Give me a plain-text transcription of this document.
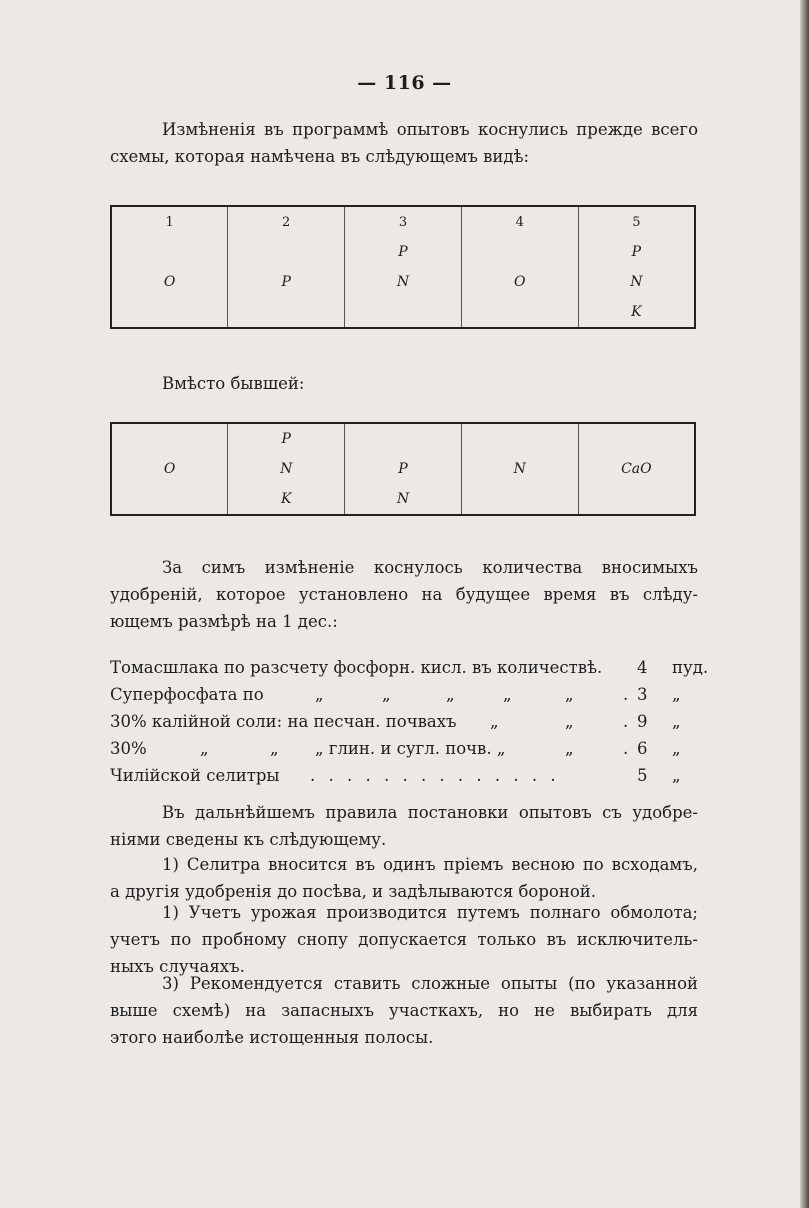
— 116 —

Измѣненія въ программѣ опытовъ коснулись прежде всего
схемы, которая намѣчена въ слѣдующемъ видѣ:

1	2	3	4	5
		P		P
O	P	N	O	N
				K

Вмѣсто бывшей:

	P			
O	N	P	N	CaO
	K	N		

За симъ измѣненіе коснулось количества вносимыхъ
удобреній, которое установлено на будущее время въ слѣду-
ющемъ размѣрѣ на 1 дес.:

Томасшлака по разсчету фосфорн. кисл. въ количествѣ. 4 пуд.
Суперфосфата по	„	„	„	„	„	. 3 „
30% калійной соли: на песчан. почвахъ „	„	. 9 „
30%	„	„ „ глин. и сугл. почв. „	„	. 6 „
Чилійской селитры . . . . . . . . . . . . . .	5 „

Въ дальнѣйшемъ правила постановки опытовъ съ удобре-
ніями сведены къ слѣдующему.

1) Селитра вносится въ одинъ пріемъ весною по всходамъ,
а другія удобренія до посѣва, и задѣлываются бороной.

1) Учетъ урожая производится путемъ полнаго обмолота;
учетъ по пробному снопу допускается только въ исключитель-
ныхъ случаяхъ.

3) Рекомендуется ставить сложные опыты (по указанной
выше схемѣ) на запасныхъ участкахъ, но не выбирать для
этого наиболѣе истощенныя полосы.
